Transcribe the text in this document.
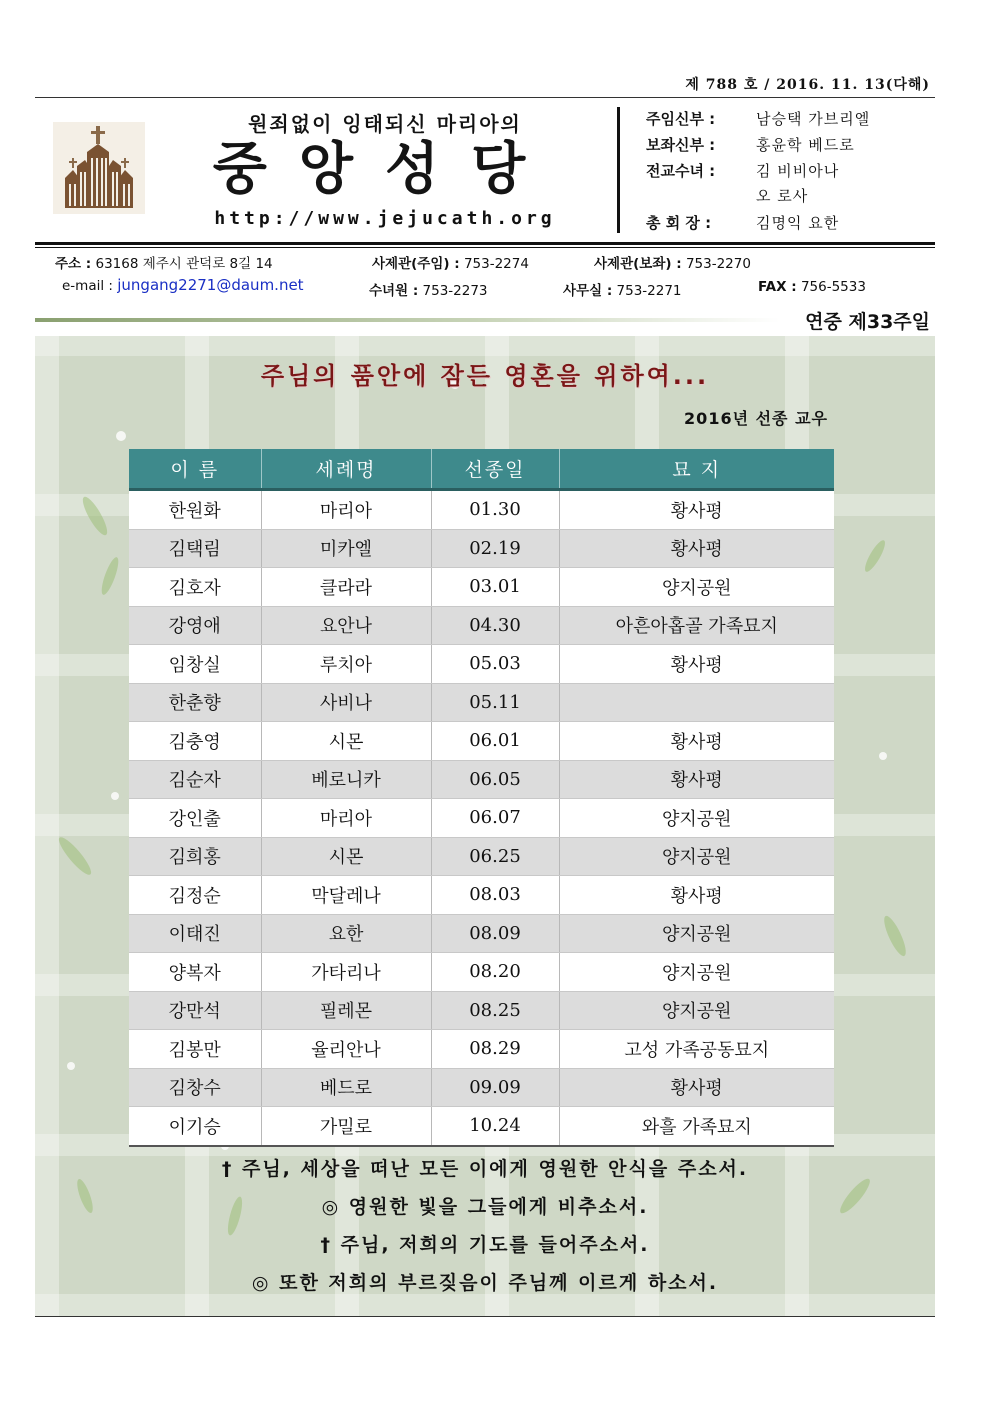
제 788 호 / 2016. 11. 13(다해)
원죄없이 잉태되신 마리아의
중앙성당
http://www.jejucath.org
주임신부 :	남승택 가브리엘
보좌신부 :	홍윤학 베드로
전교수녀 :	김 비비아나
오 로사
총 회 장 :	김명익 요한
주소 : 63168 제주시 관덕로 8길 14	사제관(주임) : 753-2274	사제관(보좌) : 753-2270
e-mail : jungang2271@daum.net	수녀원 : 753-2273	사무실 : 753-2271	FAX : 756-5533
연중 제33주일
주님의 품안에 잠든 영혼을 위하여...
2016년 선종 교우
이 름	세례명	선종일	묘 지
한원화	마리아	01.30	황사평
김택림	미카엘	02.19	황사평
김호자	클라라	03.01	양지공원
강영애	요안나	04.30	아흔아홉골 가족묘지
임창실	루치아	05.03	황사평
한춘향	사비나	05.11	
김충영	시몬	06.01	황사평
김순자	베로니카	06.05	황사평
강인출	마리아	06.07	양지공원
김희홍	시몬	06.25	양지공원
김정순	막달레나	08.03	황사평
이태진	요한	08.09	양지공원
양복자	가타리나	08.20	양지공원
강만석	필레몬	08.25	양지공원
김봉만	율리안나	08.29	고성 가족공동묘지
김창수	베드로	09.09	황사평
이기승	가밀로	10.24	와흘 가족묘지
† 주님, 세상을 떠난 모든 이에게 영원한 안식을 주소서.
◎ 영원한 빛을 그들에게 비추소서.
† 주님, 저희의 기도를 들어주소서.
◎ 또한 저희의 부르짖음이 주님께 이르게 하소서.
